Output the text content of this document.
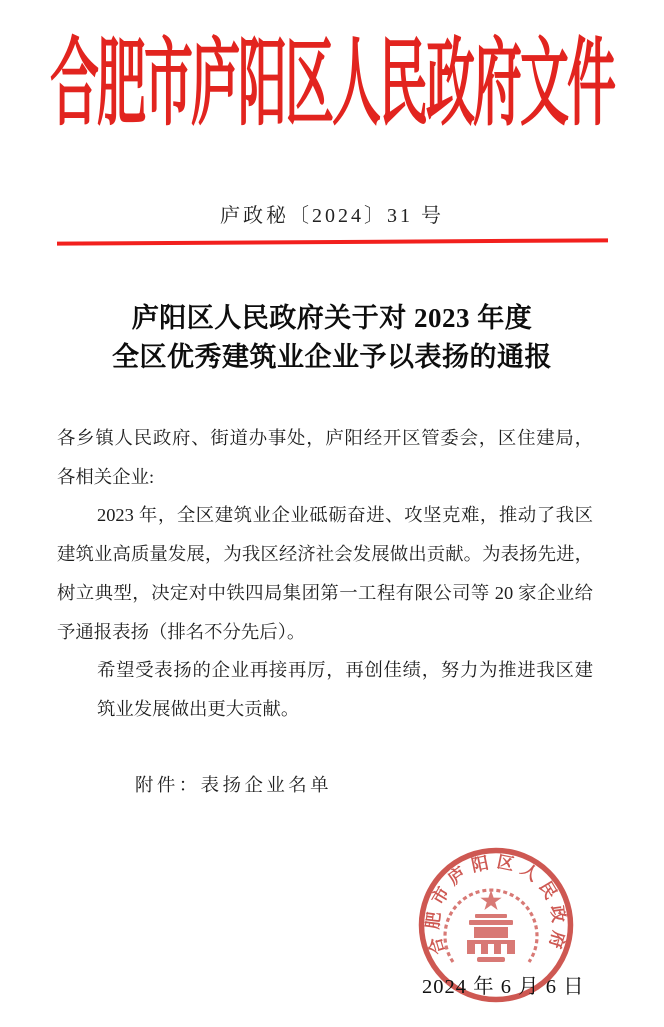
合肥市庐阳区人民政府文件
庐政秘〔2024〕31 号
庐阳区人民政府关于对 2023 年度
全区优秀建筑业企业予以表扬的通报
各乡镇人民政府、街道办事处，庐阳经开区管委会，区住建局，
各相关企业:
2023 年，全区建筑业企业砥砺奋进、攻坚克难，推动了我区
建筑业高质量发展，为我区经济社会发展做出贡献。为表扬先进，
树立典型，决定对中铁四局集团第一工程有限公司等 20 家企业给
予通报表扬（排名不分先后）。
希望受表扬的企业再接再厉，再创佳绩，努力为推进我区建
筑业发展做出更大贡献。
附件：表扬企业名单
合肥市庐阳区人民政府
2024 年 6 月 6 日
